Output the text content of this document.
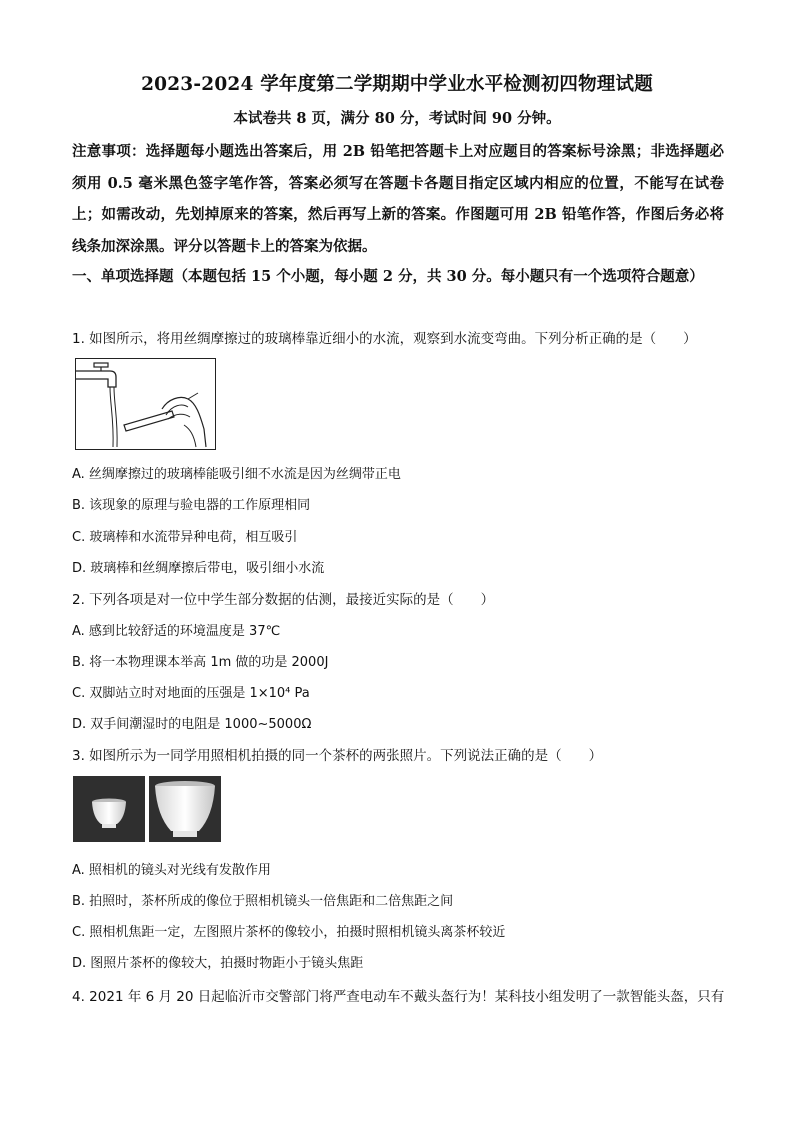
2023-2024 学年度第二学期期中学业水平检测初四物理试题
本试卷共 8 页，满分 80 分，考试时间 90 分钟。
注意事项：选择题每小题选出答案后，用 2B 铅笔把答题卡上对应题目的答案标号涂黑；非选择题必须用 0.5 毫米黑色签字笔作答，答案必须写在答题卡各题目指定区域内相应的位置，不能写在试卷上；如需改动，先划掉原来的答案，然后再写上新的答案。作图题可用 2B 铅笔作答，作图后务必将线条加深涂黑。评分以答题卡上的答案为依据。
一、单项选择题（本题包括 15 个小题，每小题 2 分，共 30 分。每小题只有一个选项符合题意）
1. 如图所示，将用丝绸摩擦过的玻璃棒靠近细小的水流，观察到水流变弯曲。下列分析正确的是（　　）
A. 丝绸摩擦过的玻璃棒能吸引细不水流是因为丝绸带正电
B. 该现象的原理与验电器的工作原理相同
C. 玻璃棒和水流带异种电荷，相互吸引
D. 玻璃棒和丝绸摩擦后带电，吸引细小水流
2. 下列各项是对一位中学生部分数据的估测，最接近实际的是（　　）
A. 感到比较舒适的环境温度是 37℃
B. 将一本物理课本举高 1m 做的功是 2000J
C. 双脚站立时对地面的压强是 1×10⁴ Pa
D. 双手间潮湿时的电阻是 1000~5000Ω
3. 如图所示为一同学用照相机拍摄的同一个茶杯的两张照片。下列说法正确的是（　　）
A. 照相机的镜头对光线有发散作用
B. 拍照时，茶杯所成的像位于照相机镜头一倍焦距和二倍焦距之间
C. 照相机焦距一定，左图照片茶杯的像较小，拍摄时照相机镜头离茶杯较近
D. 图照片茶杯的像较大，拍摄时物距小于镜头焦距
4. 2021 年 6 月 20 日起临沂市交警部门将严查电动车不戴头盔行为！某科技小组发明了一款智能头盔，只有
